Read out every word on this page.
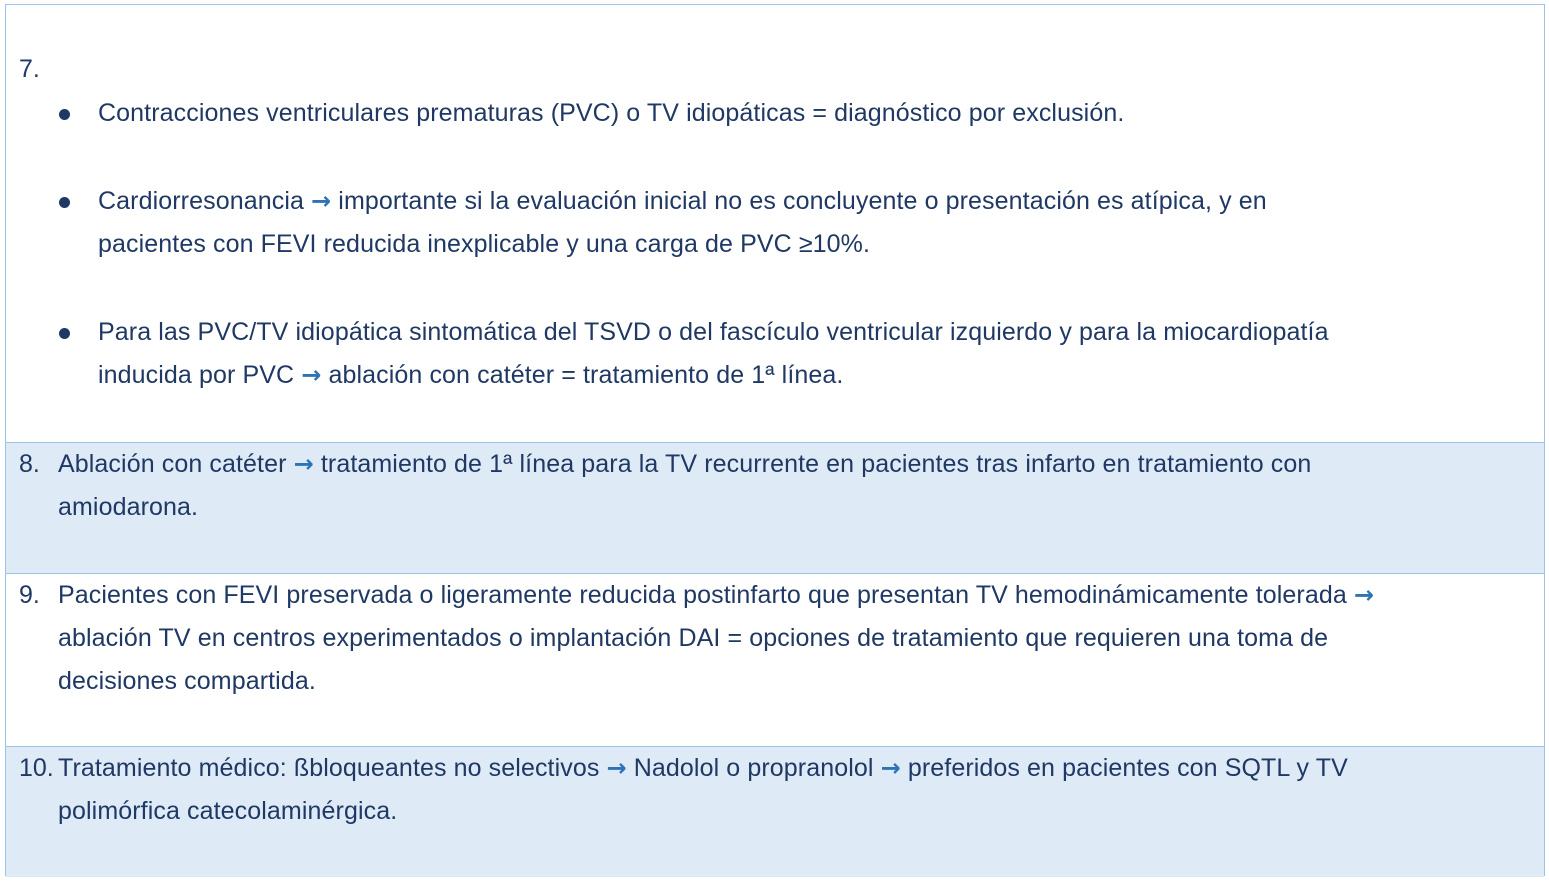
7.
Contracciones ventriculares prematuras (PVC) o TV idiopáticas = diagnóstico por exclusión.
Cardiorresonancia → importante si la evaluación inicial no es concluyente o presentación es atípica, y en
pacientes con FEVI reducida inexplicable y una carga de PVC ≥10%.
Para las PVC/TV idiopática sintomática del TSVD o del fascículo ventricular izquierdo y para la miocardiopatía
inducida por PVC → ablación con catéter = tratamiento de 1ª línea.
8. Ablación con catéter → tratamiento de 1ª línea para la TV recurrente en pacientes tras infarto en tratamiento con
amiodarona.
9. Pacientes con FEVI preservada o ligeramente reducida postinfarto que presentan TV hemodinámicamente tolerada →
ablación TV en centros experimentados o implantación DAI = opciones de tratamiento que requieren una toma de
decisiones compartida.
10. Tratamiento médico: ßbloqueantes no selectivos → Nadolol o propranolol → preferidos en pacientes con SQTL y TV
polimórfica catecolaminérgica.
